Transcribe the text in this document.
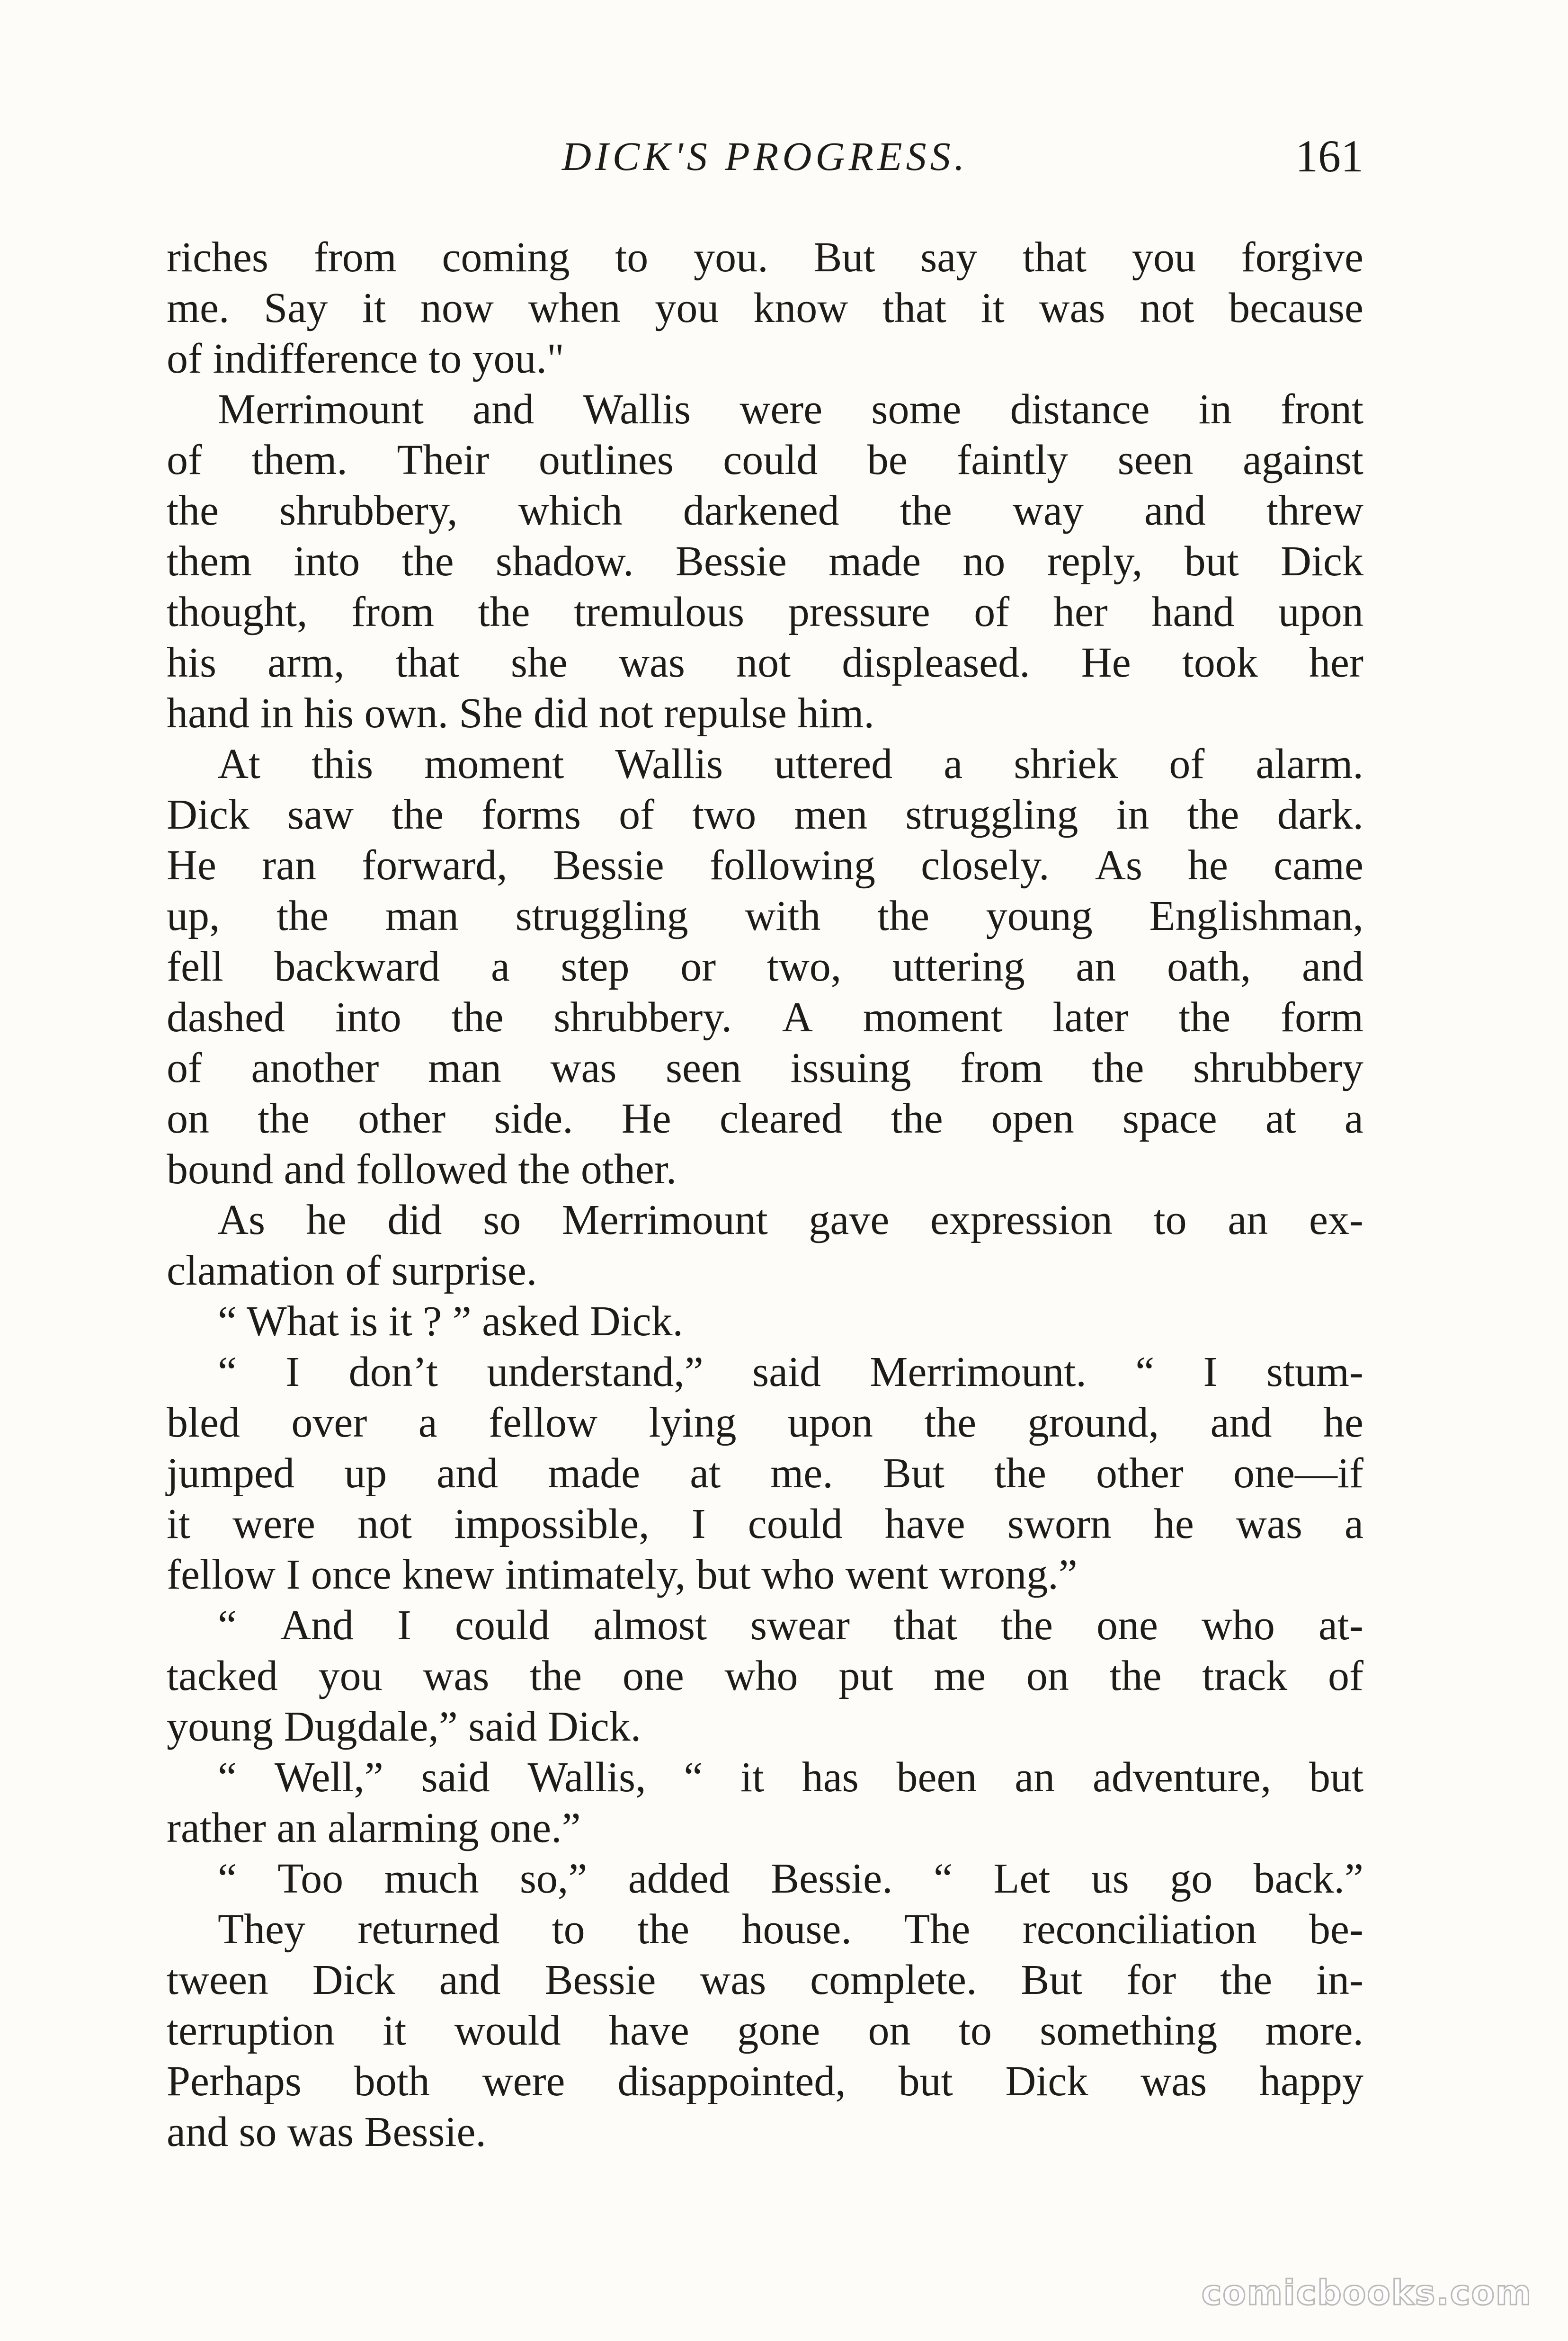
DICK'S PROGRESS.	161
riches from coming to you. But say that you forgive
me. Say it now when you know that it was not because
of indifference to you."
Merrimount and Wallis were some distance in front
of them. Their outlines could be faintly seen against
the shrubbery, which darkened the way and threw
them into the shadow. Bessie made no reply, but Dick
thought, from the tremulous pressure of her hand upon
his arm, that she was not displeased. He took her
hand in his own. She did not repulse him.
At this moment Wallis uttered a shriek of alarm.
Dick saw the forms of two men struggling in the dark.
He ran forward, Bessie following closely. As he came
up, the man struggling with the young Englishman,
fell backward a step or two, uttering an oath, and
dashed into the shrubbery. A moment later the form
of another man was seen issuing from the shrubbery
on the other side. He cleared the open space at a
bound and followed the other.
As he did so Merrimount gave expression to an ex-
clamation of surprise.
“ What is it ? ” asked Dick.
“ I don’t understand,” said Merrimount. “ I stum-
bled over a fellow lying upon the ground, and he
jumped up and made at me. But the other one—if
it were not impossible, I could have sworn he was a
fellow I once knew intimately, but who went wrong.”
“ And I could almost swear that the one who at-
tacked you was the one who put me on the track of
young Dugdale,” said Dick.
“ Well,” said Wallis, “ it has been an adventure, but
rather an alarming one.”
“ Too much so,” added Bessie. “ Let us go back.”
They returned to the house. The reconciliation be-
tween Dick and Bessie was complete. But for the in-
terruption it would have gone on to something more.
Perhaps both were disappointed, but Dick was happy
and so was Bessie.
comicbooks.com
